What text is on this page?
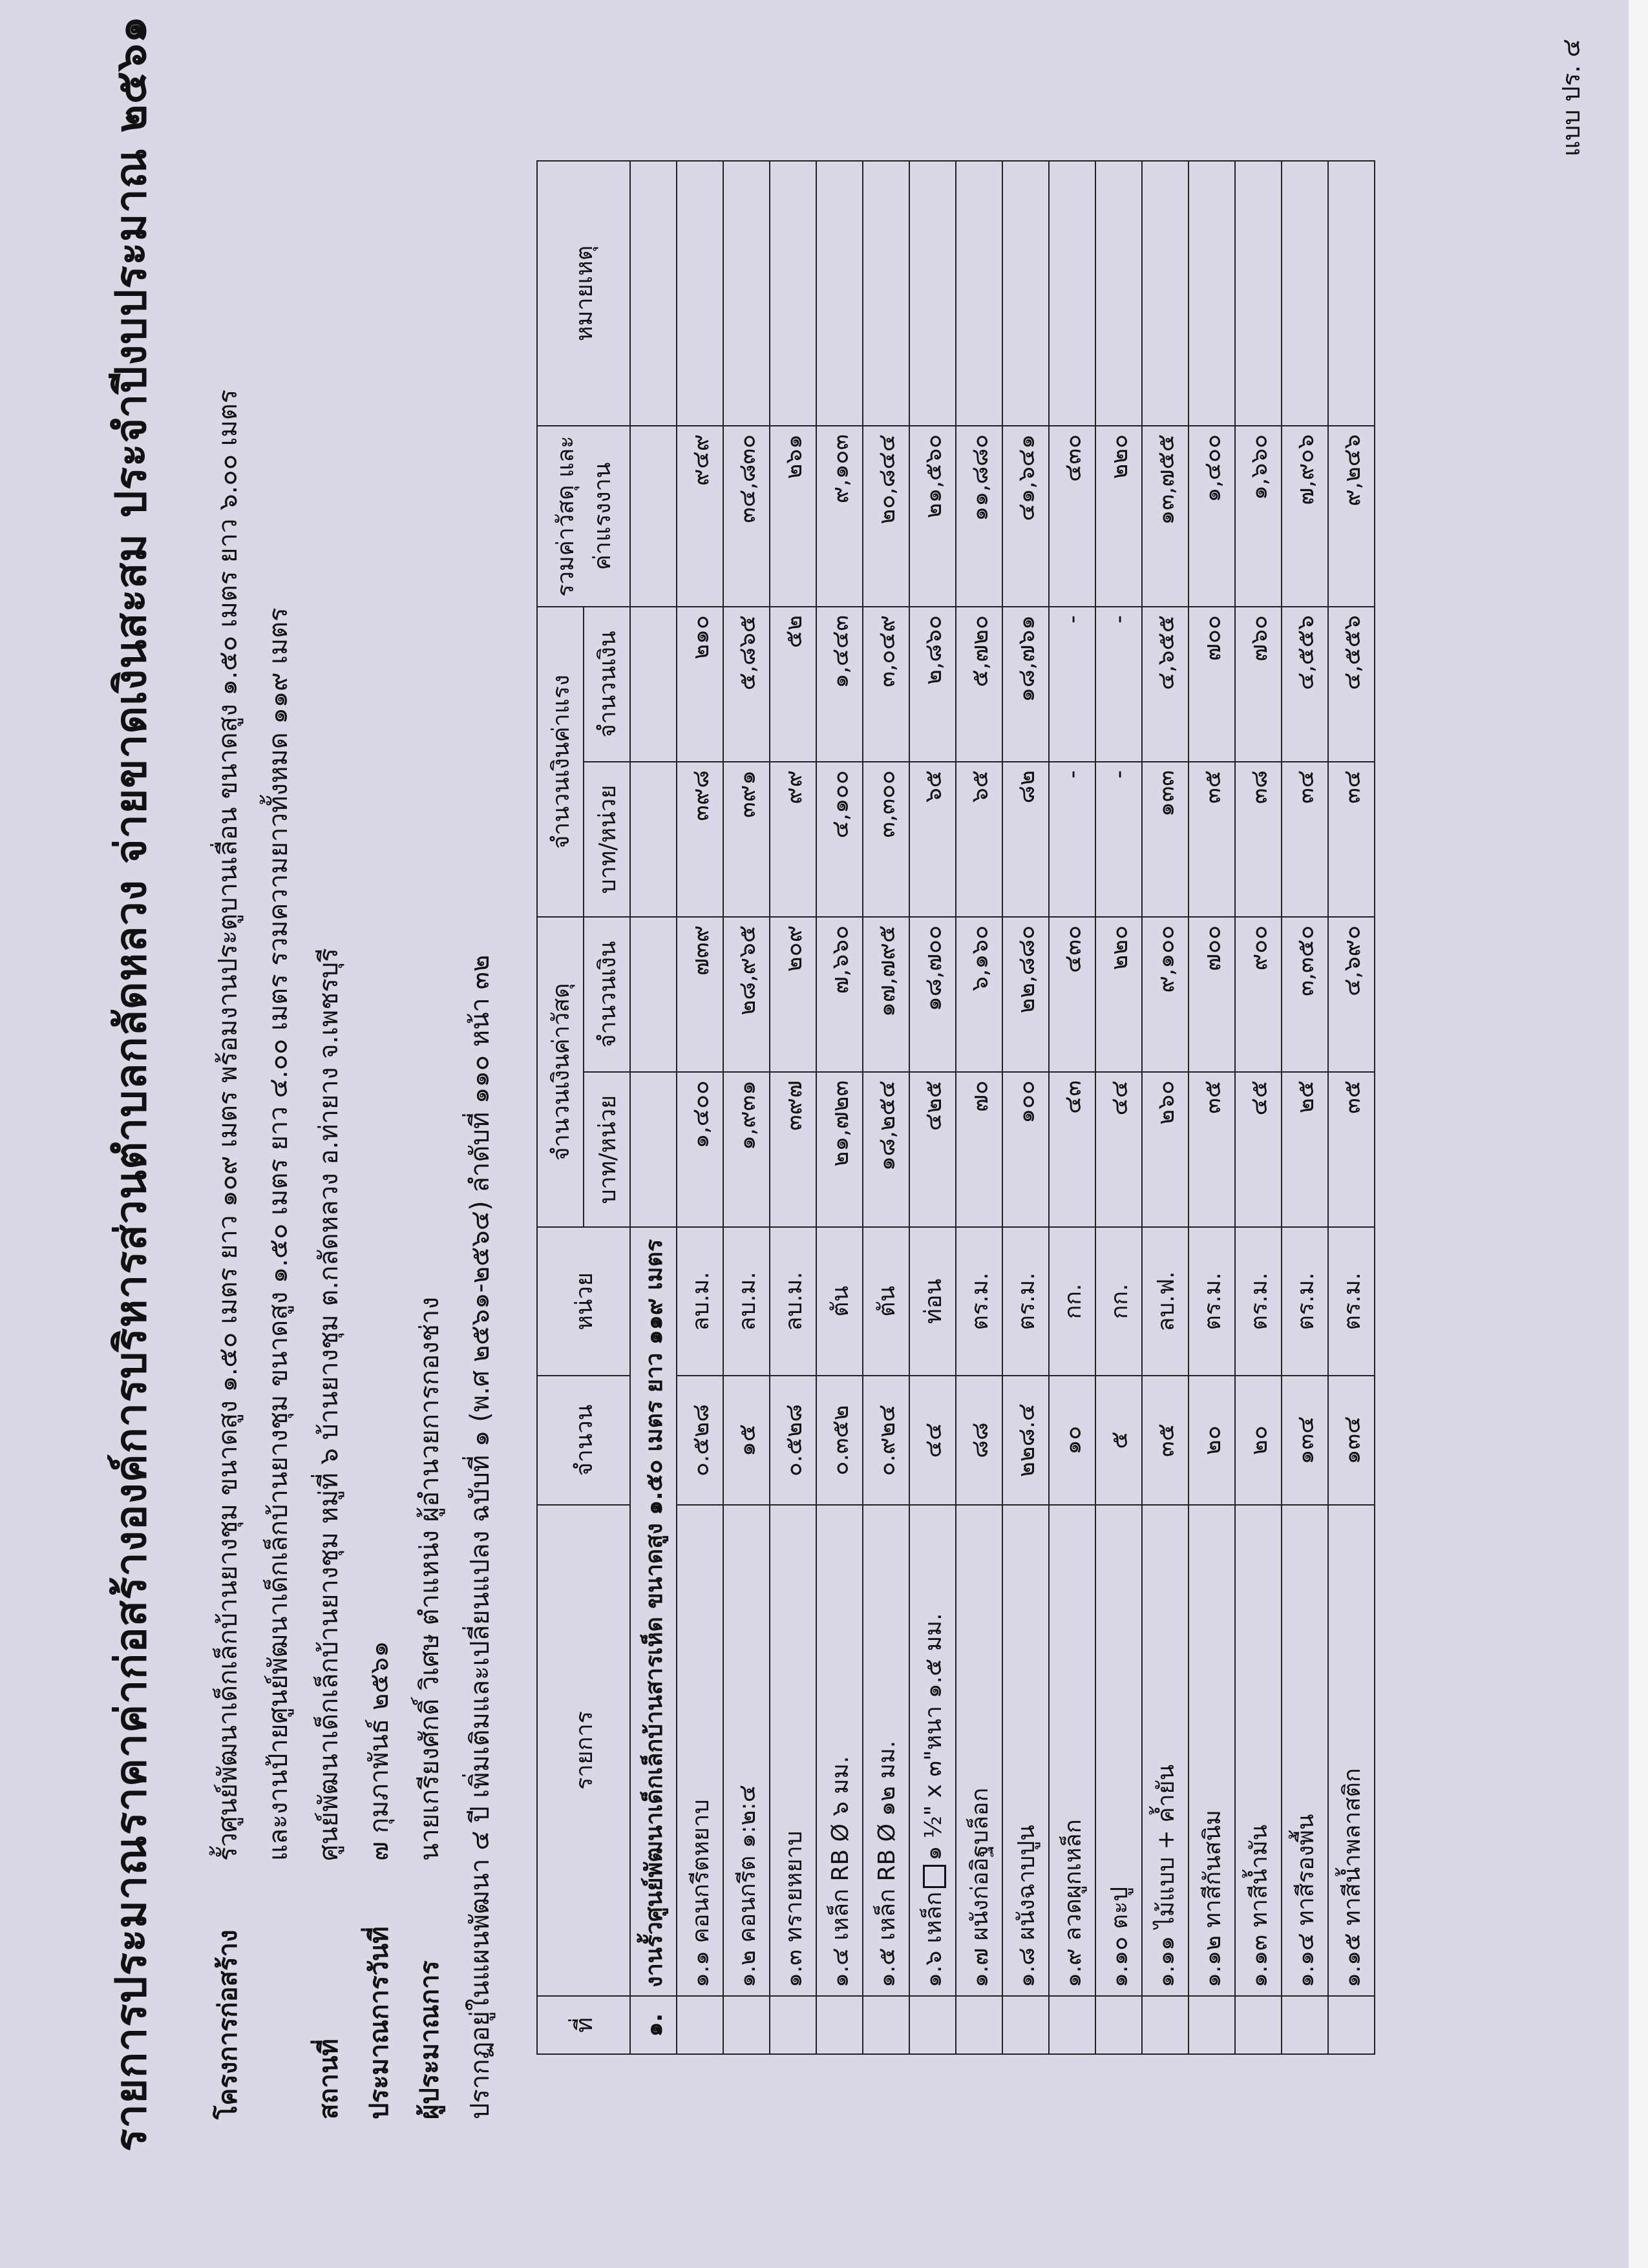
แบบ ปร. ๔
รายการประมาณราคาค่าก่อสร้างองค์การบริหารส่วนตำบลกลัดหลวง จ่ายขาดเงินสะสม ประจำปีงบประมาณ ๒๕๖๑	โครงการก่อสร้าง
รั้วศูนย์พัฒนาเด็กเล็กบ้านยางชุม ขนาดสูง ๑.๕๐ เมตร ยาว ๑๐๙ เมตร พร้อมงานประตูบานเลื่อน ขนาดสูง ๑.๕๐ เมตร ยาว ๖.๐๐ เมตร และงานป้ายศูนย์พัฒนาเด็กเล็กบ้านยางชุม ขนาดสูง ๑.๕๐ เมตร ยาว ๔.๐๐ เมตร รวมความยาวทั้งหมด ๑๑๙ เมตร
สถานที่
ศูนย์พัฒนาเด็กเล็กบ้านยางชุม หมู่ที่ ๖ บ้านยางชุม ต.กลัดหลวง อ.ท่ายาง จ.เพชรบุรี
ประมาณการวันที่
๗ กุมภาพันธ์ ๒๕๖๑
ผู้ประมาณการ
นายเกรียงศักดิ์ วิเศษ ตำแหน่ง ผู้อำนวยการกองช่าง ปรากฏอยู่ในแผนพัฒนา ๔ ปี เพิ่มเติมและเปลี่ยนแปลง ฉบับที่ ๑ (พ.ศ ๒๕๖๑-๒๕๖๔) ลำดับที่ ๑๑๐ หน้า ๓๒	ที่	รายการ	จำนวน	หน่วย	จำนวนเงินค่าวัสดุ		จำนวนเงินค่าแรง		รวมค่าวัสดุ และ ค่าแรงงาน	หมายเหตุ
				บาท/หน่วย	จำนวนเงิน	บาท/หน่วย	จำนวนเงิน		
๑.	งานรั้วศูนย์พัฒนาเด็กเล็กบ้านสารเห็ด ขนาดสูง ๑.๕๐ เมตร ยาว ๑๑๙ เมตร								
	๑.๑ คอนกรีตหยาบ	๐.๕๒๘	ลบ.ม.	๑,๔๐๐	๗๓๙	๓๙๘	๒๑๐	๙๔๙	
	๑.๒ คอนกรีต ๑:๒:๔	๑๕	ลบ.ม.	๑,๙๓๑	๒๘,๙๖๕	๓๙๑	๕,๘๖๕	๓๔,๘๓๐	
	๑.๓ ทรายหยาบ	๐.๕๒๘	ลบ.ม.	๓๙๗	๒๐๙	๙๙	๕๒	๒๖๑	
	๑.๔ เหล็ก RB Ø ๖ มม.	๐.๓๕๒	ตัน	๒๑,๗๒๓	๗,๖๖๐	๔,๑๐๐	๑,๔๔๓	๙,๑๐๓	
	๑.๕ เหล็ก RB Ø ๑๒ มม.	๐.๙๒๔	ตัน	๑๘,๒๕๔	๑๗,๗๙๕	๓,๓๐๐	๓,๐๔๙	๒๐,๘๔๔	
	๑.๖ เหล็ก๑ ½" x ๓"หนา ๑.๕ มม.	๔๔	ท่อน	๔๒๕	๑๘,๗๐๐	๖๕	๒,๘๖๐	๒๑,๕๖๐	
	๑.๗ ผนังก่ออิฐบล็อก	๘๘	ตร.ม.	๗๐	๖,๑๖๐	๖๕	๕,๗๒๐	๑๑,๘๘๐	
	๑.๘ ผนังฉาบปูน	๒๒๘.๔	ตร.ม.	๑๐๐	๒๒,๘๘๐	๘๒	๑๘,๗๖๑	๔๑,๖๔๑	
	๑.๙ ลวดผูกเหล็ก	๑๐	กก.	๔๓	๔๓๐	-	-	๔๓๐	
	๑.๑๐ ตะปู	๕	กก.	๔๔	๒๒๐	-	-	๒๒๐	
	๑.๑๑ ไม้แบบ + ค้ำยัน	๓๕	ลบ.ฟ.	๒๖๐	๙,๑๐๐	๑๓๓	๔,๖๕๕	๑๓,๗๕๕	
	๑.๑๒ ทาสีกันสนิม	๒๐	ตร.ม.	๓๕	๗๐๐	๓๕	๗๐๐	๑,๔๐๐	
	๑.๑๓ ทาสีน้ำมัน	๒๐	ตร.ม.	๔๕	๙๐๐	๓๘	๗๖๐	๑,๖๖๐	
	๑.๑๔ ทาสีรองพื้น	๑๓๔	ตร.ม.	๒๕	๓,๓๕๐	๓๔	๔,๕๕๖	๗,๙๐๖	
	๑.๑๕ ทาสีน้ำพลาสติก	๑๓๔	ตร.ม.	๓๕	๔,๖๙๐	๓๔	๔,๕๕๖	๙,๒๔๖	
